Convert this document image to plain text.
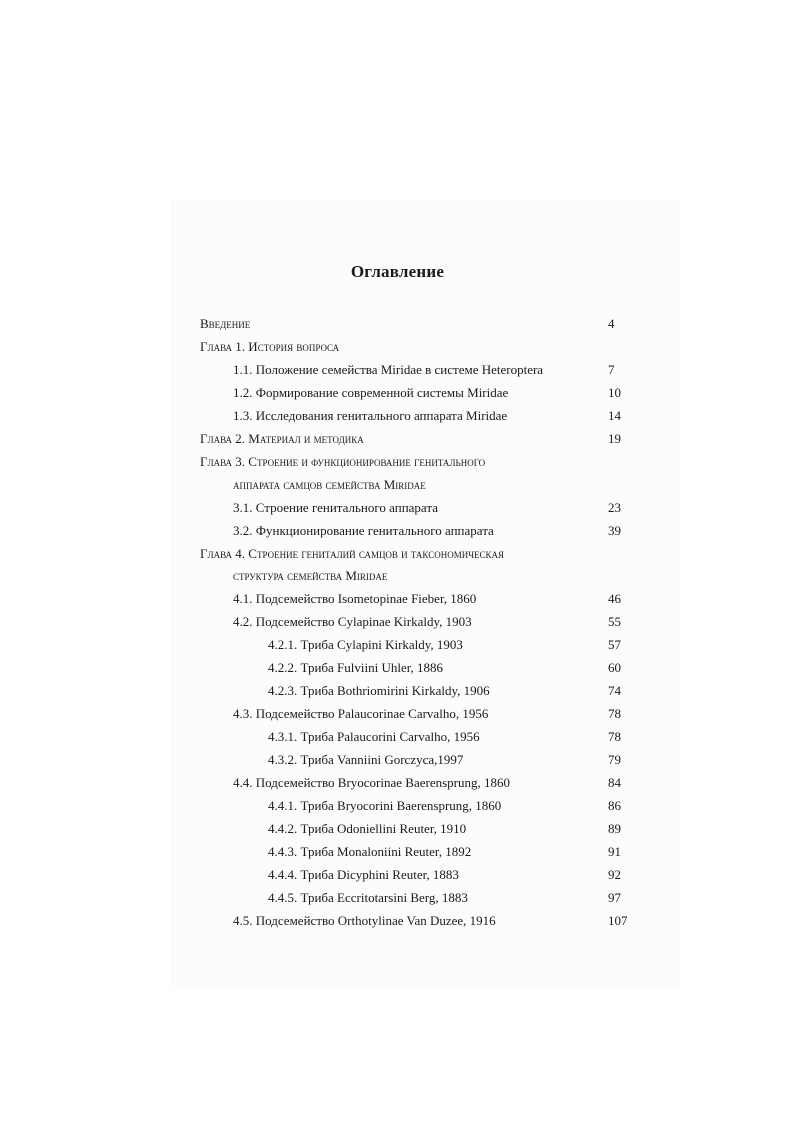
Оглавление
Введение	4
Глава 1. История вопроса
1.1. Положение семейства Miridae в системе Heteroptera	7
1.2. Формирование современной системы Miridae	10
1.3. Исследования генитального аппарата Miridae	14
Глава 2. Материал и методика	19
Глава 3. Строение и функционирование генитального
аппарата самцов семейства Miridae
3.1. Строение генитального аппарата	23
3.2. Функционирование генитального аппарата	39
Глава 4. Строение гениталий самцов и таксономическая
структура семейства Miridae
4.1. Подсемейство Isometopinae Fieber, 1860	46
4.2. Подсемейство Cylapinae Kirkaldy, 1903	55
4.2.1. Триба Cylapini Kirkaldy, 1903	57
4.2.2. Триба Fulviini Uhler, 1886	60
4.2.3. Триба Bothriomirini Kirkaldy, 1906	74
4.3. Подсемейство Palaucorinae Carvalho, 1956	78
4.3.1. Триба Palaucorini Carvalho, 1956	78
4.3.2. Триба Vanniini Gorczyca,1997	79
4.4. Подсемейство Bryocorinae Baerensprung, 1860	84
4.4.1. Триба Bryocorini Baerensprung, 1860	86
4.4.2. Триба Odoniellini Reuter, 1910	89
4.4.3. Триба Monaloniini Reuter, 1892	91
4.4.4. Триба Dicyphini Reuter, 1883	92
4.4.5. Триба Eccritotarsini Berg, 1883	97
4.5. Подсемейство Orthotylinae Van Duzee, 1916	107
